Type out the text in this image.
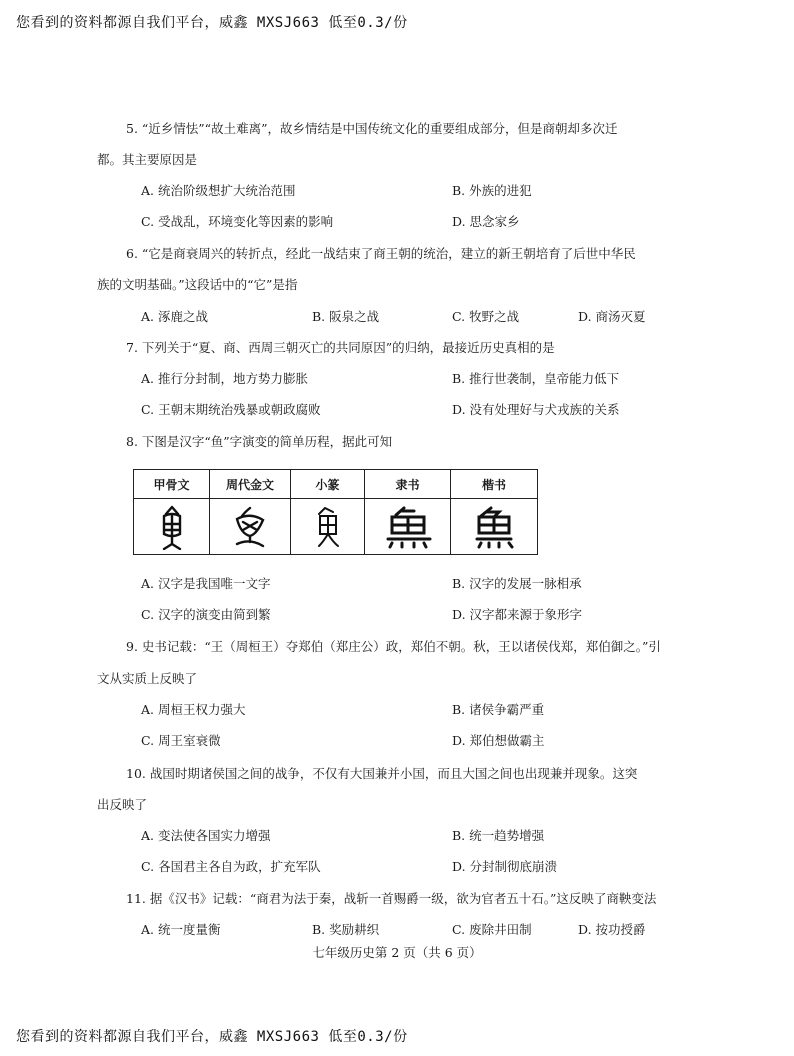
您看到的资料都源自我们平台，威鑫 MXSJ663 低至0.3/份
5. “近乡情怯”“故土难离”，故乡情结是中国传统文化的重要组成部分，但是商朝却多次迁
都。其主要原因是
A. 统治阶级想扩大统治范围	B. 外族的进犯
C. 受战乱，环境变化等因素的影响	D. 思念家乡
6. “它是商衰周兴的转折点，经此一战结束了商王朝的统治，建立的新王朝培育了后世中华民
族的文明基础。”这段话中的“它”是指
A. 涿鹿之战	B. 阪泉之战	C. 牧野之战	D. 商汤灭夏
7. 下列关于“夏、商、西周三朝灭亡的共同原因”的归纳，最接近历史真相的是
A. 推行分封制，地方势力膨胀	B. 推行世袭制，皇帝能力低下
C. 王朝末期统治残暴或朝政腐败	D. 没有处理好与犬戎族的关系
8. 下图是汉字“鱼”字演变的简单历程，据此可知
甲骨文	周代金文	小篆	隶书	楷书
A. 汉字是我国唯一文字	B. 汉字的发展一脉相承
C. 汉字的演变由简到繁	D. 汉字都来源于象形字
9. 史书记载：“王（周桓王）夺郑伯（郑庄公）政，郑伯不朝。秋，王以诸侯伐郑，郑伯御之。”引
文从实质上反映了
A. 周桓王权力强大	B. 诸侯争霸严重
C. 周王室衰微	D. 郑伯想做霸主
10. 战国时期诸侯国之间的战争，不仅有大国兼并小国，而且大国之间也出现兼并现象。这突
出反映了
A. 变法使各国实力增强	B. 统一趋势增强
C. 各国君主各自为政，扩充军队	D. 分封制彻底崩溃
11. 据《汉书》记载：“商君为法于秦，战斩一首赐爵一级，欲为官者五十石。”这反映了商鞅变法
A. 统一度量衡	B. 奖励耕织	C. 废除井田制	D. 按功授爵
七年级历史第 2 页（共 6 页）
您看到的资料都源自我们平台，威鑫 MXSJ663 低至0.3/份
